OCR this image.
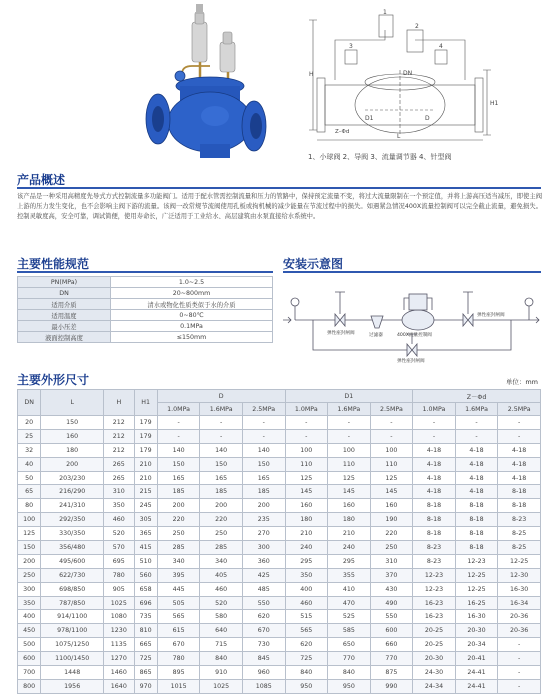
1
2
3	4
H
H1
L
DN
D1	D
Z–Φd
1、小球阀 2、导阀 3、流量调节器 4、针型阀
产品概述
该产品是一种采用高精度先导式方式控制流量多功能阀门。适用于配水管需控制流量和压力的管路中，保持预定流量不变，将过大流量限制在一个预定值，并将上游高压适当减压，即使主阀上游的压力发生变化，也不会影响主阀下游的流量。该阀一改常规节流阀使用孔板或拘机械的减少能量在节流过程中的损失。如遇紧急情况400X流量控制阀可以完全截止流量，避免损失。控制灵敏度高，安全可靠，调试简便，使用寿命长，广泛适用于工业给水、高层建筑由水泵直接给水系统中。
主要性能规范
PN(MPa)	1.0~2.5
DN	20~800mm
适用介质	清水或物化性质类似于水的介质
适用温度	0~80℃
最小压差	0.1MPa
液面控制高度	≤150mm
安装示意图
弹性座封闸阀	过滤器	400X流量控制阀
弹性座封闸阀
弹性座封闸阀
主要外形尺寸	单位：mm
DN	L	H	H1	D			D1			Z－Φd		
				1.0MPa	1.6MPa	2.5MPa	1.0MPa	1.6MPa	2.5MPa	1.0MPa	1.6MPa	2.5MPa
20	150	212	179	-	-	-	-	-	-	-	-	-
25	160	212	179	-	-	-	-	-	-	-	-	-
32	180	212	179	140	140	140	100	100	100	4-18	4-18	4-18
40	200	265	210	150	150	150	110	110	110	4-18	4-18	4-18
50	203/230	265	210	165	165	165	125	125	125	4-18	4-18	4-18
65	216/290	310	215	185	185	185	145	145	145	4-18	4-18	8-18
80	241/310	350	245	200	200	200	160	160	160	8-18	8-18	8-18
100	292/350	460	305	220	220	235	180	180	190	8-18	8-18	8-23
125	330/350	520	365	250	250	270	210	210	220	8-18	8-18	8-25
150	356/480	570	415	285	285	300	240	240	250	8-23	8-18	8-25
200	495/600	695	510	340	340	360	295	295	310	8-23	12-23	12-25
250	622/730	780	560	395	405	425	350	355	370	12-23	12-25	12-30
300	698/850	905	658	445	460	485	400	410	430	12-23	12-25	16-30
350	787/850	1025	696	505	520	550	460	470	490	16-23	16-25	16-34
400	914/1100	1080	735	565	580	620	515	525	550	16-23	16-30	20-36
450	978/1100	1230	810	615	640	670	565	585	600	20-25	20-30	20-36
500	1075/1250	1135	665	670	715	730	620	650	660	20-25	20-34	-
600	1100/1450	1270	725	780	840	845	725	770	770	20-30	20-41	-
700	1448	1460	865	895	910	960	840	840	875	24-30	24-41	-
800	1956	1640	970	1015	1025	1085	950	950	990	24-34	24-41	-
